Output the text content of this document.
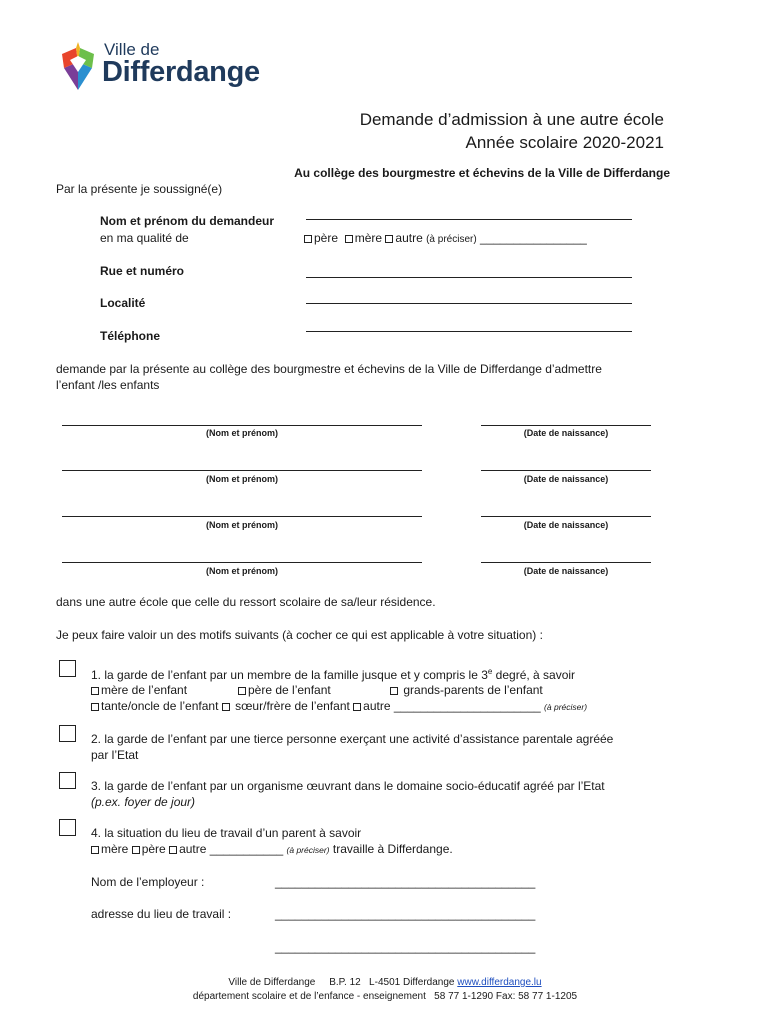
Ville de
Differdange
Demande d’admission à une autre école
Année scolaire 2020-2021
Au collège des bourgmestre et échevins de la Ville de Differdange
Par la présente je soussigné(e)
Nom et prénom du demandeur
en ma qualité de	père mère autre (à préciser) ________________
Rue et numéro
Localité
Téléphone
demande par la présente au collège des bourgmestre et échevins de la Ville de Differdange d’admettre
l’enfant /les enfants
(Nom et prénom)	(Date de naissance)
(Nom et prénom)	(Date de naissance)
(Nom et prénom)	(Date de naissance)
(Nom et prénom)	(Date de naissance)
dans une autre école que celle du ressort scolaire de sa/leur résidence.
Je peux faire valoir un des motifs suivants (à cocher ce qui est applicable à votre situation) :
1. la garde de l’enfant par un membre de la famille jusque et y compris le 3e degré, à savoir
mère de l’enfant	père de l’enfant	grands-parents de l’enfant
tante/oncle de l’enfant sœur/frère de l’enfant autre ______________________ (à préciser)
2. la garde de l’enfant par une tierce personne exerçant une activité d’assistance parentale agréée
par l’Etat
3. la garde de l’enfant par un organisme œuvrant dans le domaine socio-éducatif agréé par l’Etat
(p.ex. foyer de jour)
4. la situation du lieu de travail d’un parent à savoir
mère père autre ___________ (à préciser) travaille à Differdange.
Nom de l’employeur :	_______________________________________
adresse du lieu de travail :	_______________________________________
_______________________________________
Ville de Differdange     B.P. 12   L-4501 Differdange www.differdange.lu
département scolaire et de l’enfance - enseignement   58 77 1-1290 Fax: 58 77 1-1205
